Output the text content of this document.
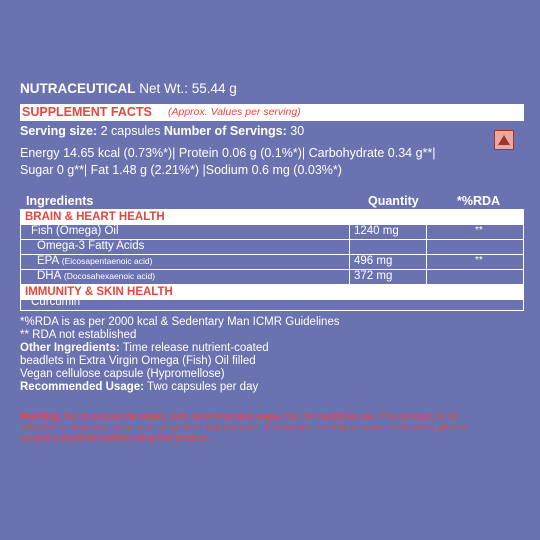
NUTRACEUTICAL Net Wt.: 55.44 g
SUPPLEMENT FACTS (Approx. Values per serving)
Serving size: 2 capsules Number of Servings: 30
Energy 14.65 kcal (0.73%*)| Protein 0.06 g (0.1%*)| Carbohydrate 0.34 g**|
Sugar 0 g**| Fat 1.48 g (2.21%*) |Sodium 0.6 mg (0.03%*)
Ingredients	Quantity	*%RDA
BRAIN & HEART HEALTH
Fish (Omega) Oil	1240 mg	**
Omega-3 Fatty Acids
EPA (Eicosapentaenoic acid)	496 mg	**
DHA (Docosahexaenoic acid)	372 mg
IMMUNITY & SKIN HEALTH
Curcumin
*%RDA is as per 2000 kcal & Sedentary Man ICMR Guidelines
** RDA not established
Other Ingredients: Time release nutrient-coated
beadlets in Extra Virgin Omega (Fish) Oil filled
Vegan cellulose capsule (Hypromellose)
Recommended Usage: Two capsules per day
Warning: Not to exceed the stated daily recommended usage. Not for medicinal use. This product is not
intended to diagnose, treat, cure or prevent any diseases. If pregnant, nursing or under medication, please
consult a physician before using this product.
